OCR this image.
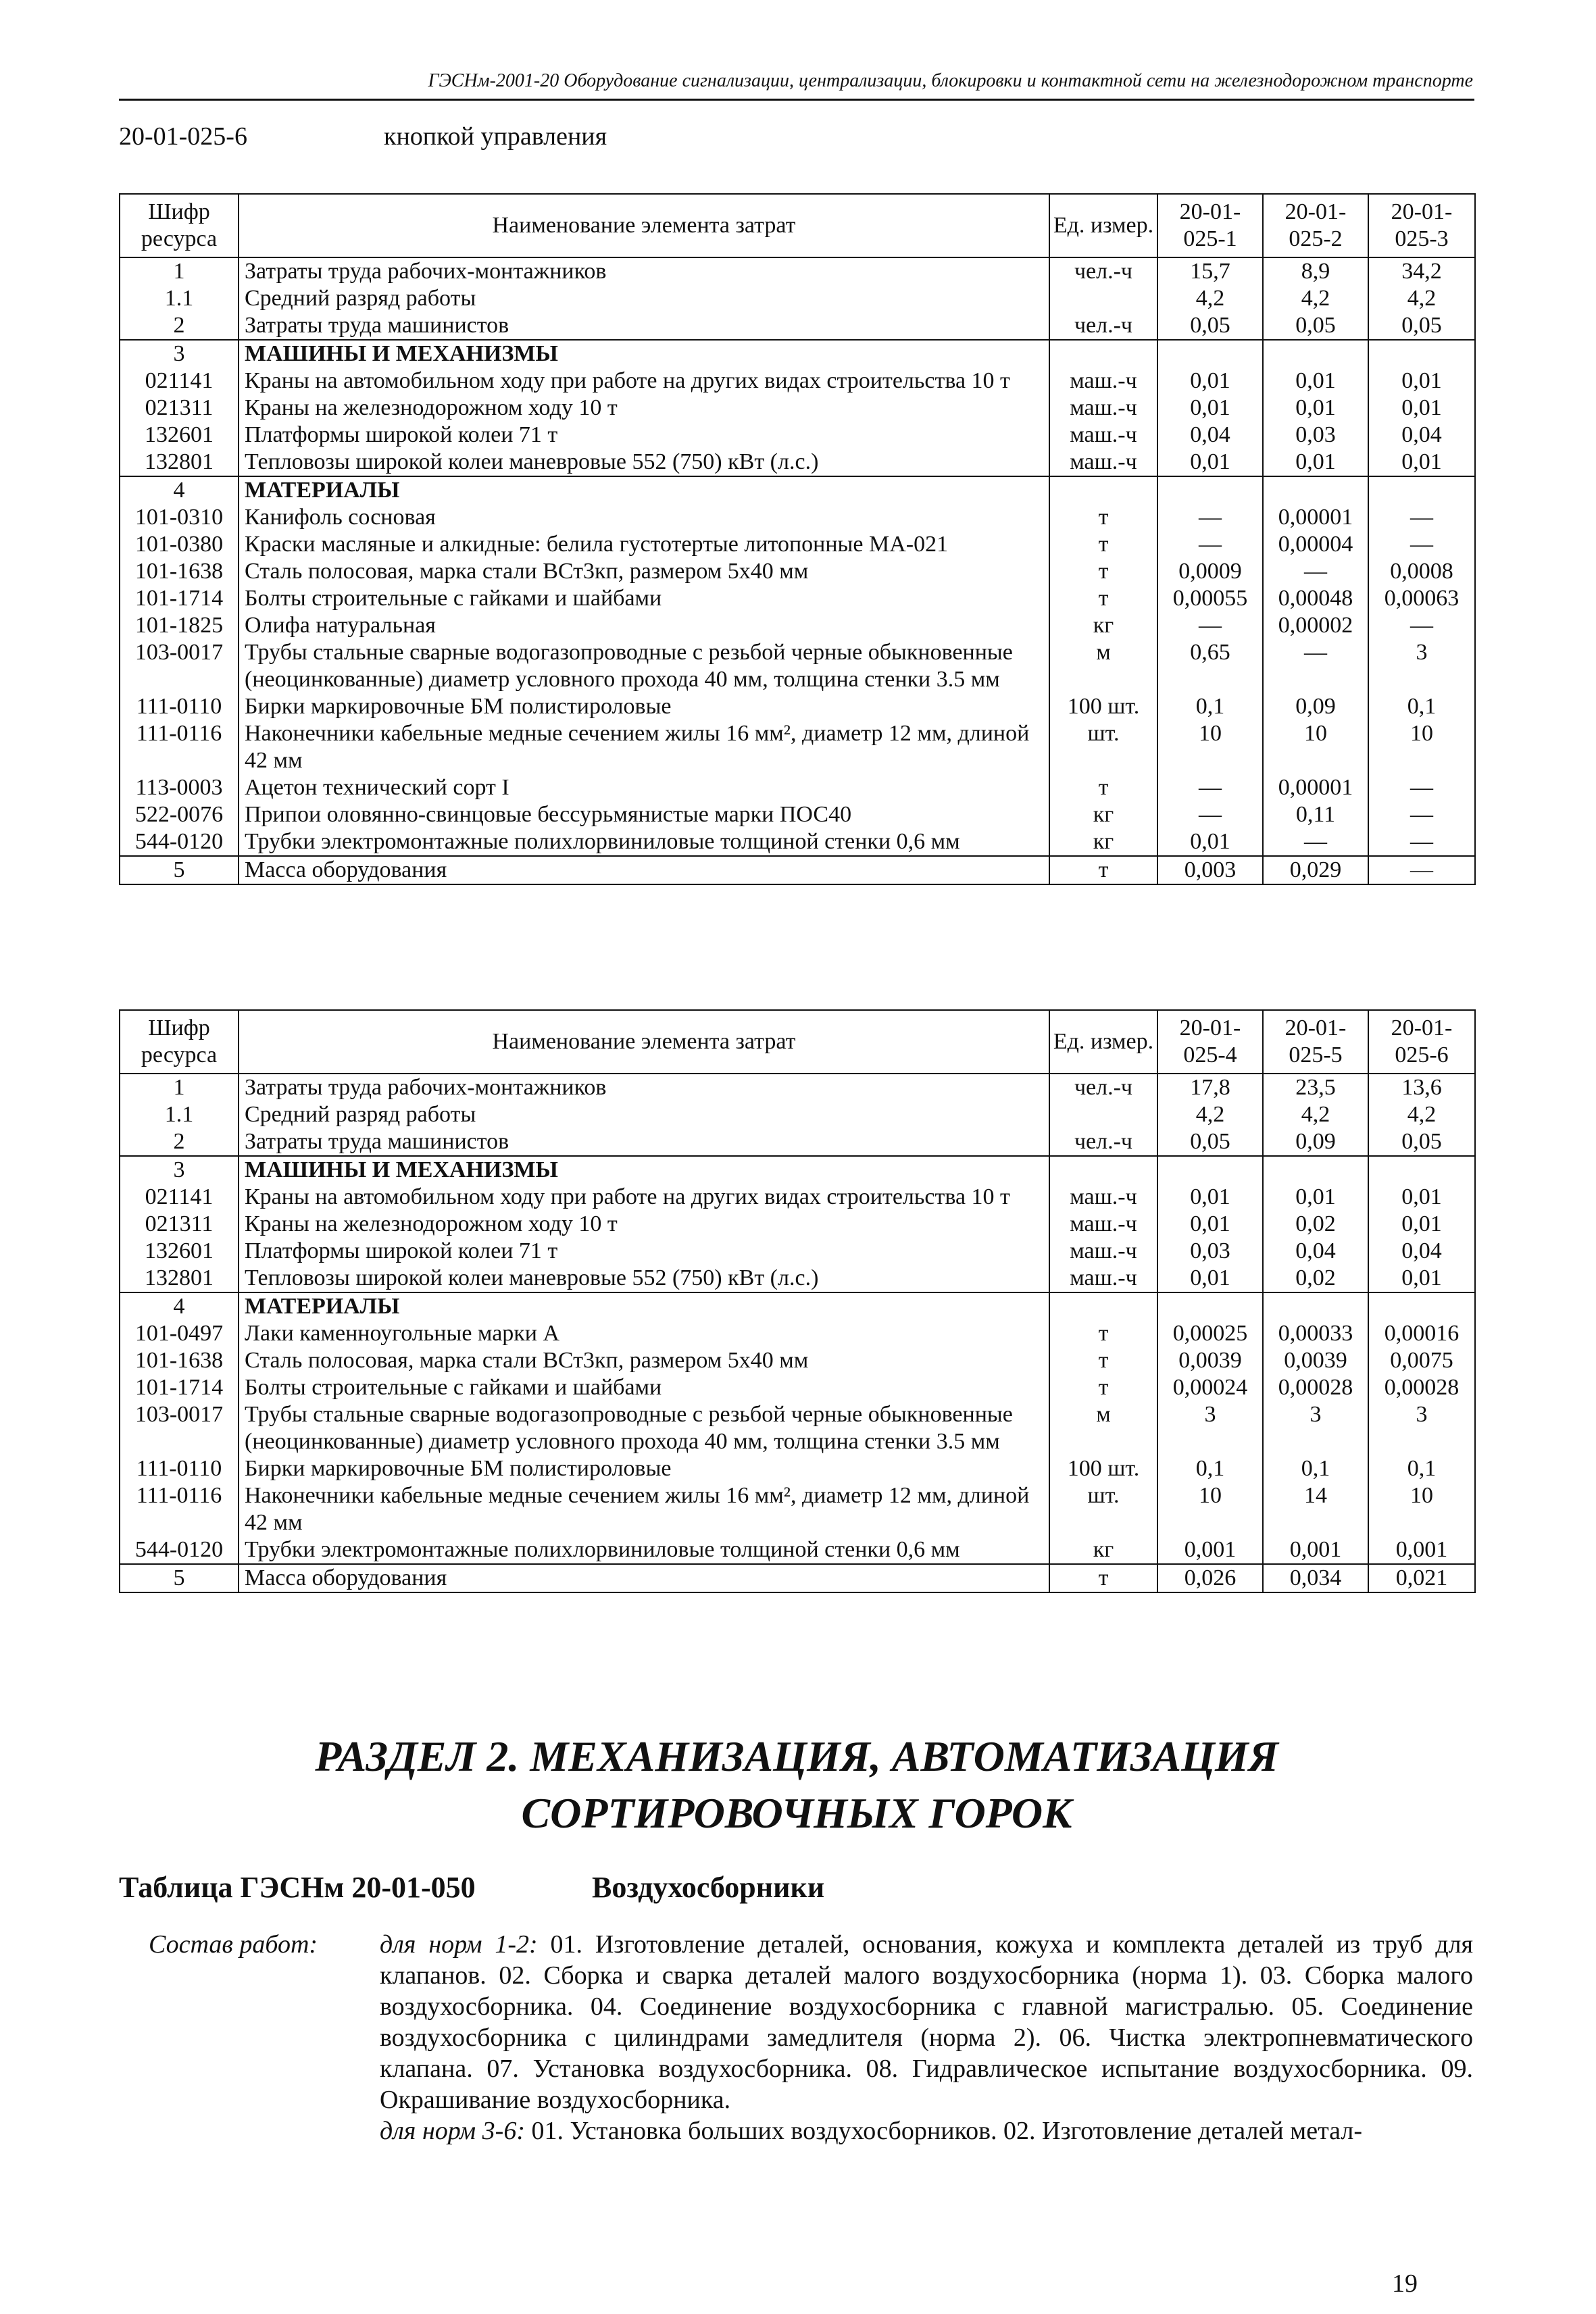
ГЭСНм-2001-20 Оборудование сигнализации, централизации, блокировки и контактной сети на железнодорожном транспорте
20-01-025-6	кнопкой управления
Шифр ресурса	Наименование элемента затрат	Ед. измер.	20-01-025-1	20-01-025-2	20-01-025-3
1	Затраты труда рабочих-монтажников	чел.-ч	15,7	8,9	34,2
1.1	Средний разряд работы		4,2	4,2	4,2
2	Затраты труда машинистов	чел.-ч	0,05	0,05	0,05
3	МАШИНЫ И МЕХАНИЗМЫ				
021141	Краны на автомобильном ходу при работе на других видах строительства 10 т	маш.-ч	0,01	0,01	0,01
021311	Краны на железнодорожном ходу 10 т	маш.-ч	0,01	0,01	0,01
132601	Платформы широкой колеи 71 т	маш.-ч	0,04	0,03	0,04
132801	Тепловозы широкой колеи маневровые 552 (750) кВт (л.с.)	маш.-ч	0,01	0,01	0,01
4	МАТЕРИАЛЫ				
101-0310	Канифоль сосновая	т	—	0,00001	—
101-0380	Краски масляные и алкидные: белила густотертые литопонные МА-021	т	—	0,00004	—
101-1638	Сталь полосовая, марка стали ВСт3кп, размером 5х40 мм	т	0,0009	—	0,0008
101-1714	Болты строительные с гайками и шайбами	т	0,00055	0,00048	0,00063
101-1825	Олифа натуральная	кг	—	0,00002	—
103-0017	Трубы стальные сварные водогазопроводные с резьбой черные обыкновенные (неоцинкованные) диаметр условного прохода 40 мм, толщина стенки 3.5 мм	м	0,65	—	3
111-0110	Бирки маркировочные БМ полистироловые	100 шт.	0,1	0,09	0,1
111-0116	Наконечники кабельные медные сечением жилы 16 мм², диаметр 12 мм, длиной 42 мм	шт.	10	10	10
113-0003	Ацетон технический сорт I	т	—	0,00001	—
522-0076	Припои оловянно-свинцовые бессурьмянистые марки ПОС40	кг	—	0,11	—
544-0120	Трубки электромонтажные полихлорвиниловые толщиной стенки 0,6 мм	кг	0,01	—	—
5	Масса оборудования	т	0,003	0,029	—
Шифр ресурса	Наименование элемента затрат	Ед. измер.	20-01-025-4	20-01-025-5	20-01-025-6
1	Затраты труда рабочих-монтажников	чел.-ч	17,8	23,5	13,6
1.1	Средний разряд работы		4,2	4,2	4,2
2	Затраты труда машинистов	чел.-ч	0,05	0,09	0,05
3	МАШИНЫ И МЕХАНИЗМЫ				
021141	Краны на автомобильном ходу при работе на других видах строительства 10 т	маш.-ч	0,01	0,01	0,01
021311	Краны на железнодорожном ходу 10 т	маш.-ч	0,01	0,02	0,01
132601	Платформы широкой колеи 71 т	маш.-ч	0,03	0,04	0,04
132801	Тепловозы широкой колеи маневровые 552 (750) кВт (л.с.)	маш.-ч	0,01	0,02	0,01
4	МАТЕРИАЛЫ				
101-0497	Лаки каменноугольные марки А	т	0,00025	0,00033	0,00016
101-1638	Сталь полосовая, марка стали ВСт3кп, размером 5х40 мм	т	0,0039	0,0039	0,0075
101-1714	Болты строительные с гайками и шайбами	т	0,00024	0,00028	0,00028
103-0017	Трубы стальные сварные водогазопроводные с резьбой черные обыкновенные (неоцинкованные) диаметр условного прохода 40 мм, толщина стенки 3.5 мм	м	3	3	3
111-0110	Бирки маркировочные БМ полистироловые	100 шт.	0,1	0,1	0,1
111-0116	Наконечники кабельные медные сечением жилы 16 мм², диаметр 12 мм, длиной 42 мм	шт.	10	14	10
544-0120	Трубки электромонтажные полихлорвиниловые толщиной стенки 0,6 мм	кг	0,001	0,001	0,001
5	Масса оборудования	т	0,026	0,034	0,021
РАЗДЕЛ 2. МЕХАНИЗАЦИЯ, АВТОМАТИЗАЦИЯ
СОРТИРОВОЧНЫХ ГОРОК
Таблица ГЭСНм 20-01-050	Воздухосборники
Состав работ: для норм 1-2: 01. Изготовление деталей, основания, кожуха и комплекта деталей из труб для клапанов. 02. Сборка и сварка деталей малого воздухосборника (норма 1). 03. Сборка малого воздухосборника. 04. Соединение воздухосборника с главной магистралью. 05. Соединение воздухосборника с цилиндрами замедлителя (норма 2). 06. Чистка электропневматического клапана. 07. Установка воздухосборника. 08. Гидравлическое испытание воздухосборника. 09. Окрашивание воздухосборника.
для норм 3-6: 01. Установка больших воздухосборников. 02. Изготовление деталей метал-
19
